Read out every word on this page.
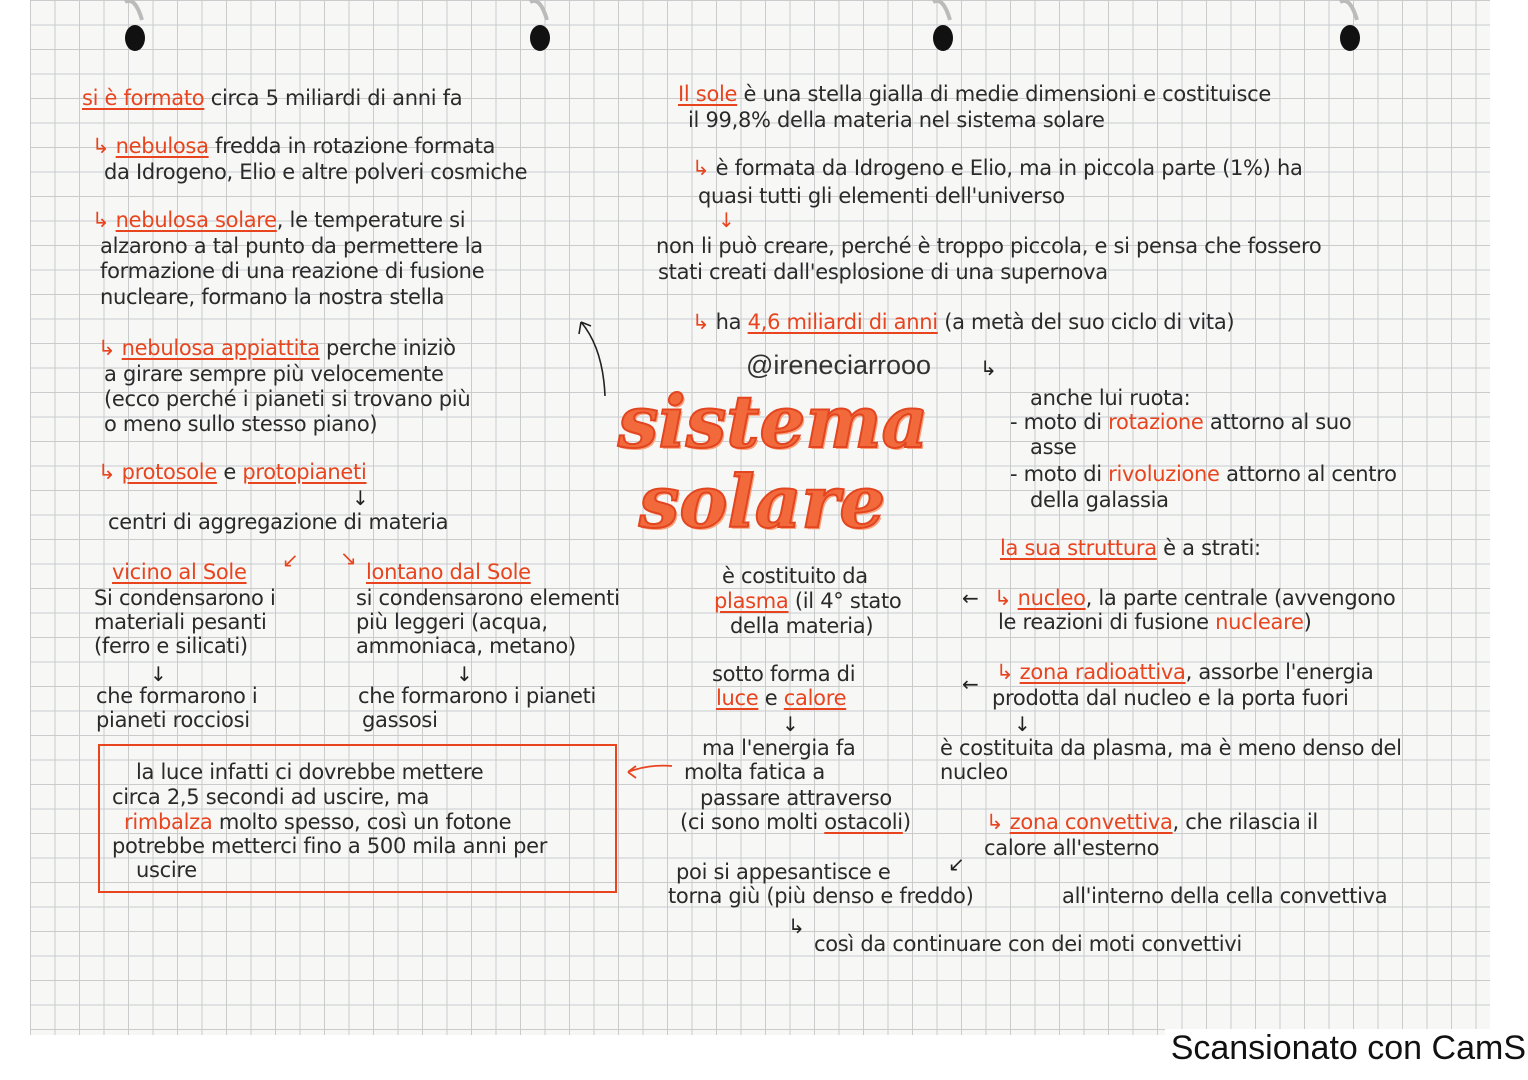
sistema
solare
@ireneciarrooo

si è formato circa 5 miliardi di anni fa

↳ nebulosa fredda in rotazione formata

da Idrogeno, Elio e altre polveri cosmiche

↳ nebulosa solare, le temperature si

alzarono a tal punto da permettere la

formazione di una reazione di fusione

nucleare, formano la nostra stella

↳ nebulosa appiattita perche iniziò

a girare sempre più velocemente

(ecco perché i pianeti si trovano più

o meno sullo stesso piano)

↳ protosole e protopianeti

↓

centri di aggregazione di materia

↙ ↘

vicino al Sole

Si condensarono i

materiali pesanti

(ferro e silicati)

↓

che formarono i

pianeti rocciosi

lontano dal Sole

si condensarono elementi

più leggeri (acqua,

ammoniaca, metano)

↓

che formarono i pianeti

gassosi

la luce infatti ci dovrebbe mettere

circa 2,5 secondi ad uscire, ma

rimbalza molto spesso, così un fotone

potrebbe metterci fino a 500 mila anni per

uscire

Il sole è una stella gialla di medie dimensioni e costituisce

il 99,8% della materia nel sistema solare

↳ è formata da Idrogeno e Elio, ma in piccola parte (1%) ha

quasi tutti gli elementi dell'universo

↓

non li può creare, perché è troppo piccola, e si pensa che fossero

stati creati dall'esplosione di una supernova

↳ ha 4,6 miliardi di anni (a metà del suo ciclo di vita)

↳

anche lui ruota:

- moto di rotazione attorno al suo

asse

- moto di rivoluzione attorno al centro

della galassia

la sua struttura è a strati:

← ↳ nucleo, la parte centrale (avvengono

le reazioni di fusione nucleare)

← ↳ zona radioattiva, assorbe l'energia

prodotta dal nucleo e la porta fuori

↓

è costituita da plasma, ma è meno denso del

nucleo

↳ zona convettiva, che rilascia il

calore all'esterno

all'interno della cella convettiva

↳

così da continuare con dei moti convettivi

è costituito da

plasma (il 4° stato

della materia)

sotto forma di

luce e calore

↓

ma l'energia fa

molta fatica a

passare attraverso

(ci sono molti ostacoli)

↙

poi si appesantisce e

torna giù (più denso e freddo)

Scansionato con CamS
